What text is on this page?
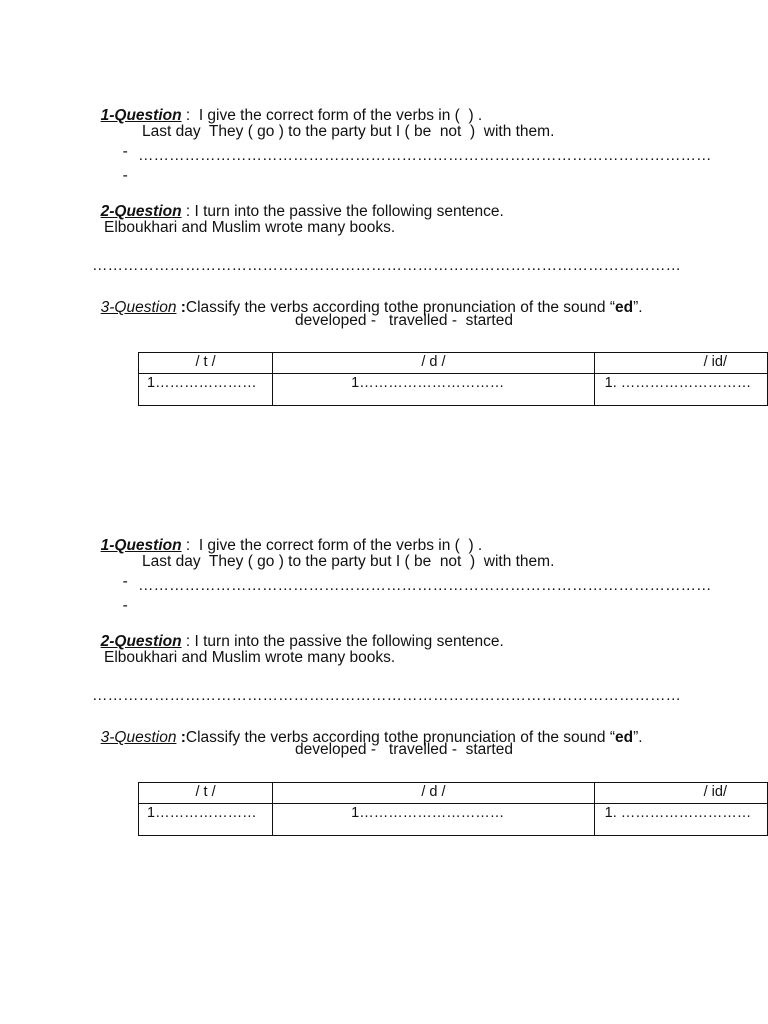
1-Question :  I give the correct form of the verbs in (  ) .

-

Last day  They ( go ) to the party but I ( be  not  )  with them.

-

…………………………………………………………………………………………………

2-Question : I turn into the passive the following sentence.

Elboukhari and Muslim wrote many books.
……………………………………………………………………………………………………

3-Question :Classify the verbs according tothe pronunciation of the sound “ed”.

developed -   travelled -  started
/ t /	/ d /	/ id/
1…………………	1…………………………	1. ………………………

1-Question :  I give the correct form of the verbs in (  ) .

-

Last day  They ( go ) to the party but I ( be  not  )  with them.

-

…………………………………………………………………………………………………

2-Question : I turn into the passive the following sentence.

Elboukhari and Muslim wrote many books.
……………………………………………………………………………………………………

3-Question :Classify the verbs according tothe pronunciation of the sound “ed”.

developed -   travelled -  started
/ t /	/ d /	/ id/
1…………………	1…………………………	1. ………………………
